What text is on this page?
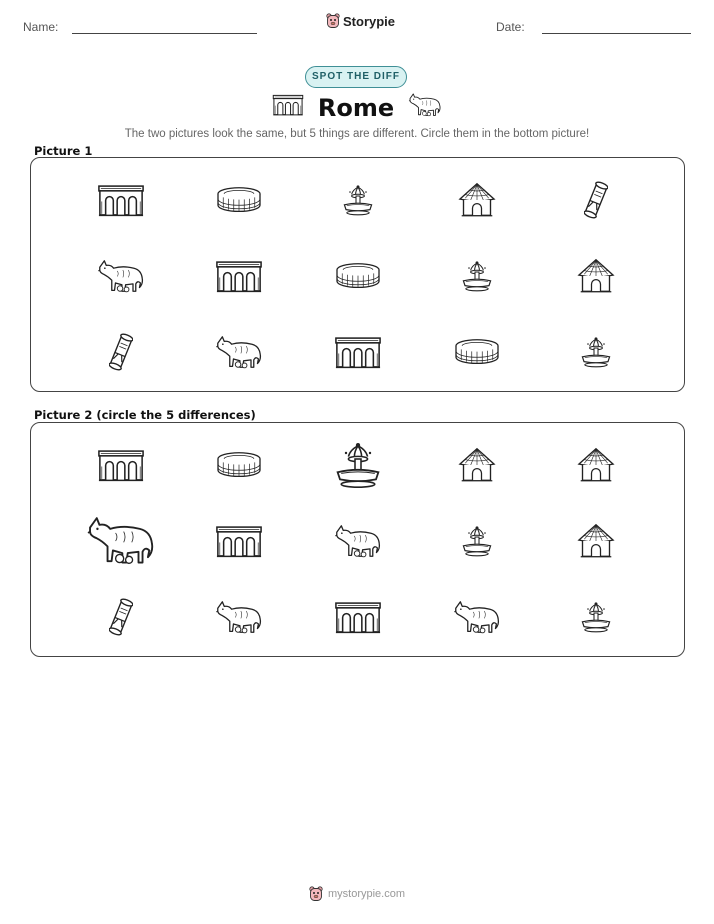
Name:	Storypie	Date:
SPOT THE DIFF
Rome
The two pictures look the same, but 5 things are different. Circle them in the bottom picture!
Picture 1
Picture 2 (circle the 5 differences)
mystorypie.com
